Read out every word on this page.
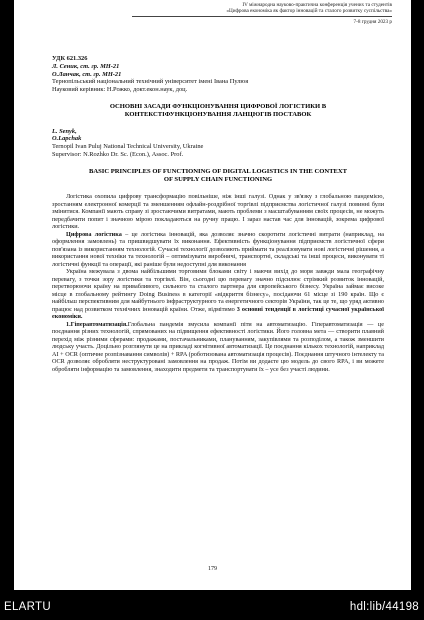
IV міжнародна науково-практична конференція учених та студентів
«Цифрова економіка як фактор інновацій та сталого розвитку суспільства»
7-8 грудня 2023 р
УДК 621.326
Л. Сеник, ст. гр. МН-21
О.Ланчак, ст. гр. МН-21
Тернопільський національний технічний університет імені Івана Пулюя
Науковий керівник: Н.Рожко, докт.екон.наук, доц.
ОСНОВНІ ЗАСАДИ ФУНКЦІОНУВАННЯ ЦИФРОВОЇ ЛОГІСТИКИ В
КОНТЕКСТІФУНКЦІОНУВАННЯ ЛАНЦЮГІВ ПОСТАВОК
L. Senyk,
O.Lapchak
Ternopil Ivan Puluj National Technical University, Ukraine
Supervisor: N.Rozhko Dr. Sc. (Econ.), Assoc. Prof.
BASIC PRINCIPLES OF FUNCTIONING OF DIGITAL LOGISTICS IN THE CONTEXT
OF SUPPLY CHAIN FUNCTIONING
Логістика охопила цифрову трансформацію повільніше, ніж інші галузі. Однак у зв'язку з глобальною пандемією, зростанням електронної комерції та зменшенням офлайн-роздрібної торгівлі підприємства логістичної галузі повинні були змінитися. Компанії мають справу зі зростаючими витратами, мають проблеми з масштабуванням своїх процесів, не можуть передбачити попит і значною мірою покладаються на ручну працю. І зараз настав час для інновацій, зокрема цифрової логістики.
Цифрова логістика – це логістика інновацій, яка дозволяє значно скоротити логістичні витрати (наприклад, на оформлення замовлень) та пришвидшувати їх виконання. Ефективність функціонування підприємств логістичної сфери пов'язана із використанням технологій. Сучасні технології дозволяють приймати та реалізовувати нові логістичні рішення, а використання нової техніки та технологій – оптимізувати виробничі, транспортні, складські та інші процеси, виконувати ті логістичні функції та операції, які раніше були недоступні для виконання
Україна межувала з двома найбільшими торговими блоками світу і маючи вихід до моря завжди мала географічну перевагу, з точки зору логістики та торгівлі. Він, сьогодні цю перевагу значно підсилює стрімкий розвиток інновацій, перетворюючи країну на привабливого, сильного та сталого партнера для європейського бізнесу. Україна займає високе місце в глобальному рейтингу Doing Business в категорії «відкриття бізнесу», посідаючи 61 місце зі 190 країн. Що є найбільш перспективним для майбутнього інфраструктурного та енергетичного секторів України, так це те, що уряд активно працює над розвитком технічних інновацій країни. Отже, відмітимо 3 основні тенденції в логістиці сучасної української економіки.
1.Гіперавтоматизація.Глобальна пандемія змусила компанії піти на автоматизацію. Гіперавтоматизація — це поєднання різних технологій, спрямованих на підвищення ефективності логістики. Його головна мета — створити плавний перехід між різними сферами: продажами, постачальниками, плануванням, закупівлями та розподілом, а також зменшити людську участь. Доцільно розглянути це на прикладі когнітивної автоматизації. Це поєднання кількох технологій, наприклад AI + OCR (оптичне розпізнавання символів) + RPA (роботизована автоматизація процесів). Поєднання штучного інтелекту та OCR дозволяє обробляти неструктуровані замовлення на продаж. Потім ви додаєте цю модель до свого RPA, і ви можете обробляти інформацію та замовлення, знаходити предмети та транспортувати їх – усе без участі людини.
179
ELARTU	hdl:lib/44198
